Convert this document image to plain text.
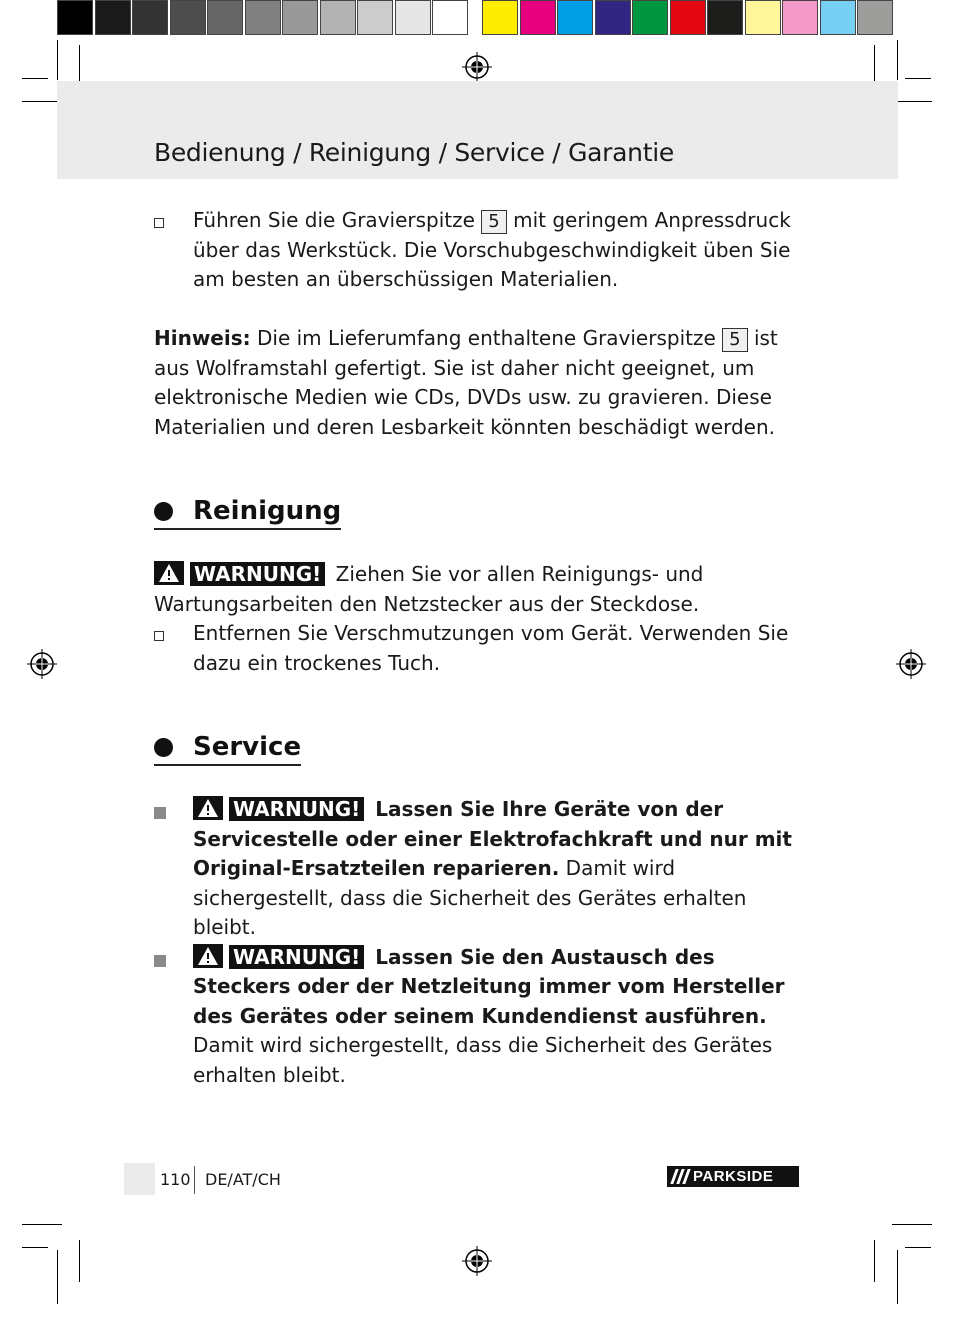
Bedienung / Reinigung / Service / Garantie
Führen Sie die Gravierspitze 5 mit geringem Anpressdruck über das Werkstück. Die Vorschubgeschwindigkeit üben Sie am besten an überschüssigen Materialien.
Hinweis: Die im Lieferumfang enthaltene Gravierspitze 5 ist aus Wolframstahl gefertigt. Sie ist daher nicht geeignet, um elektronische Medien wie CDs, DVDs usw. zu gravieren. Diese Materialien und deren Lesbarkeit könnten beschädigt werden.
Reinigung
WARNUNG! Ziehen Sie vor allen Reinigungs- und Wartungsarbeiten den Netzstecker aus der Steckdose.
Entfernen Sie Verschmutzungen vom Gerät. Verwenden Sie dazu ein trockenes Tuch.
Service
WARNUNG! Lassen Sie Ihre Geräte von der Servicestelle oder einer Elektrofachkraft und nur mit Original-Ersatzteilen reparieren. Damit wird sichergestellt, dass die Sicherheit des Gerätes erhalten bleibt.
WARNUNG! Lassen Sie den Austausch des Steckers oder der Netzleitung immer vom Hersteller des Gerätes oder seinem Kundendienst ausführen. Damit wird sichergestellt, dass die Sicherheit des Gerätes erhalten bleibt.
110 DE/AT/CH	PARKSIDE
